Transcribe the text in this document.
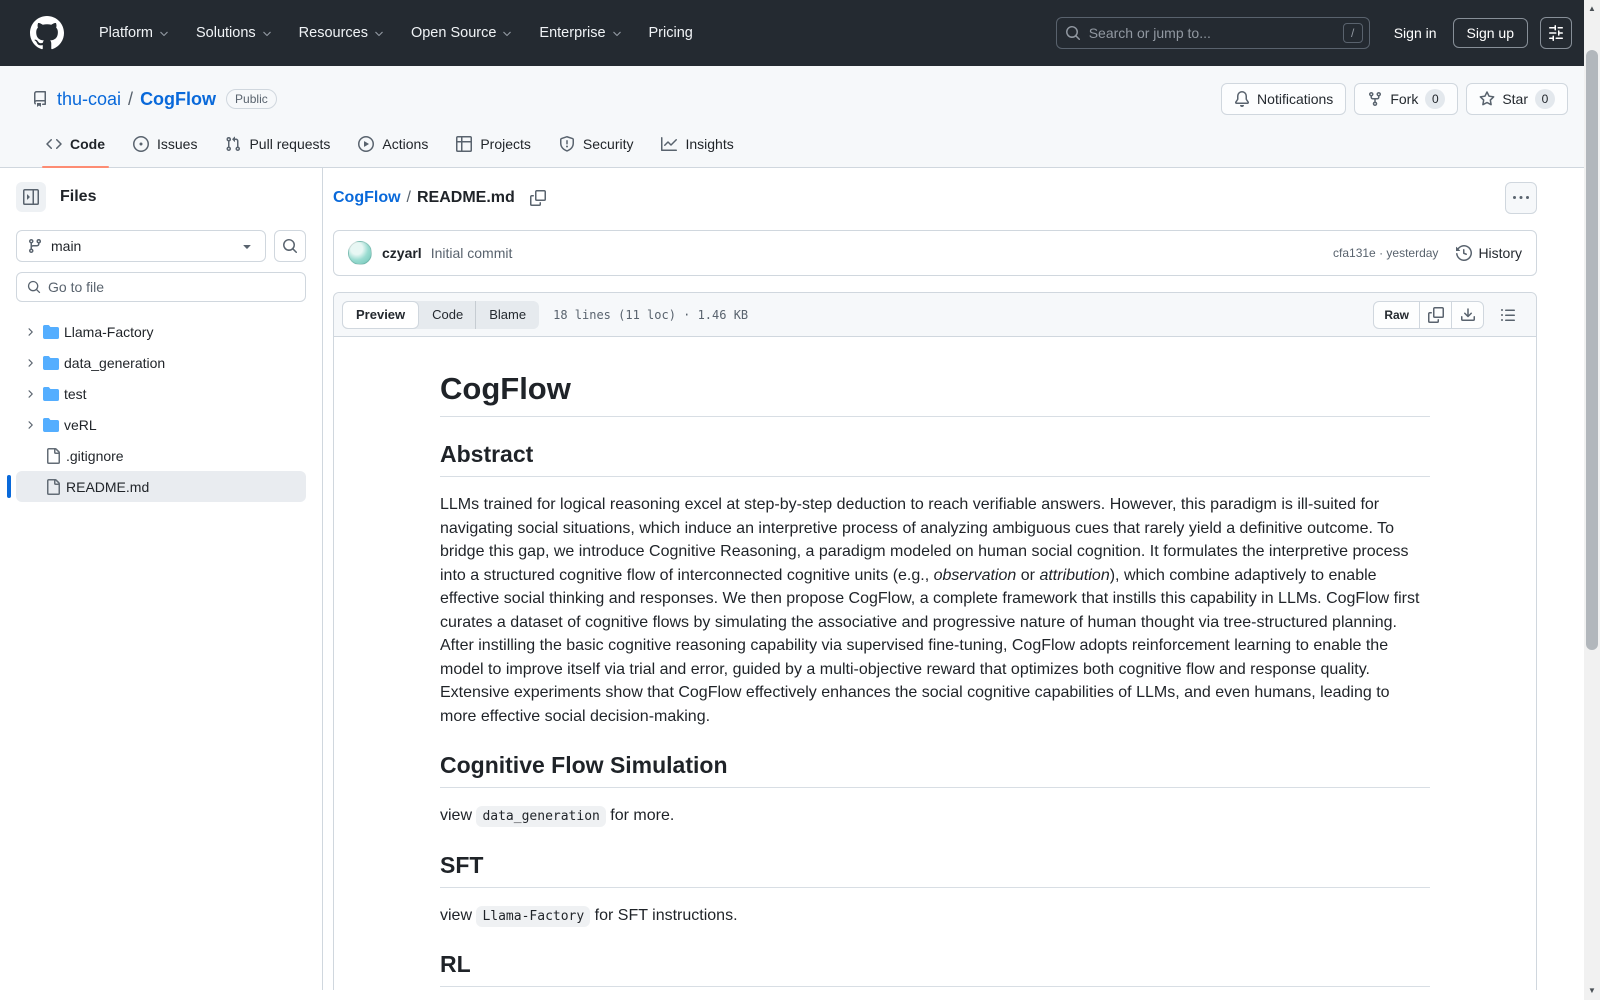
Platform	Solutions	Resources	Open Source	Enterprise	Pricing
Search or jump to...	/	Sign in	Sign up
thu-coai / CogFlow	Public	Notifications	Fork	0	Star	0
Code	Issues	Pull requests	Actions	Projects	Security	Insights
Files
main
Go to file
Llama-Factory
data_generation
test
veRL
.gitignore
README.md
CogFlow / README.md
czyarl Initial commit	cfa131e · yesterday	History
Preview Code Blame 18 lines (11 loc) · 1.46 KB	Raw
CogFlow
Abstract

LLMs trained for logical reasoning excel at step-by-step deduction to reach verifiable answers. However, this paradigm is ill-suited for navigating social situations, which induce an interpretive process of analyzing ambiguous cues that rarely yield a definitive outcome. To bridge this gap, we introduce Cognitive Reasoning, a paradigm modeled on human social cognition. It formulates the interpretive process into a structured cognitive flow of interconnected cognitive units (e.g., observation or attribution), which combine adaptively to enable effective social thinking and responses. We then propose CogFlow, a complete framework that instills this capability in LLMs. CogFlow first curates a dataset of cognitive flows by simulating the associative and progressive nature of human thought via tree-structured planning. After instilling the basic cognitive reasoning capability via supervised fine-tuning, CogFlow adopts reinforcement learning to enable the model to improve itself via trial and error, guided by a multi-objective reward that optimizes both cognitive flow and response quality. Extensive experiments show that CogFlow effectively enhances the social cognitive capabilities of LLMs, and even humans, leading to more effective social decision-making.

Cognitive Flow Simulation

view data_generation for more.

SFT

view Llama-Factory for SFT instructions.

RL
▲
▼
